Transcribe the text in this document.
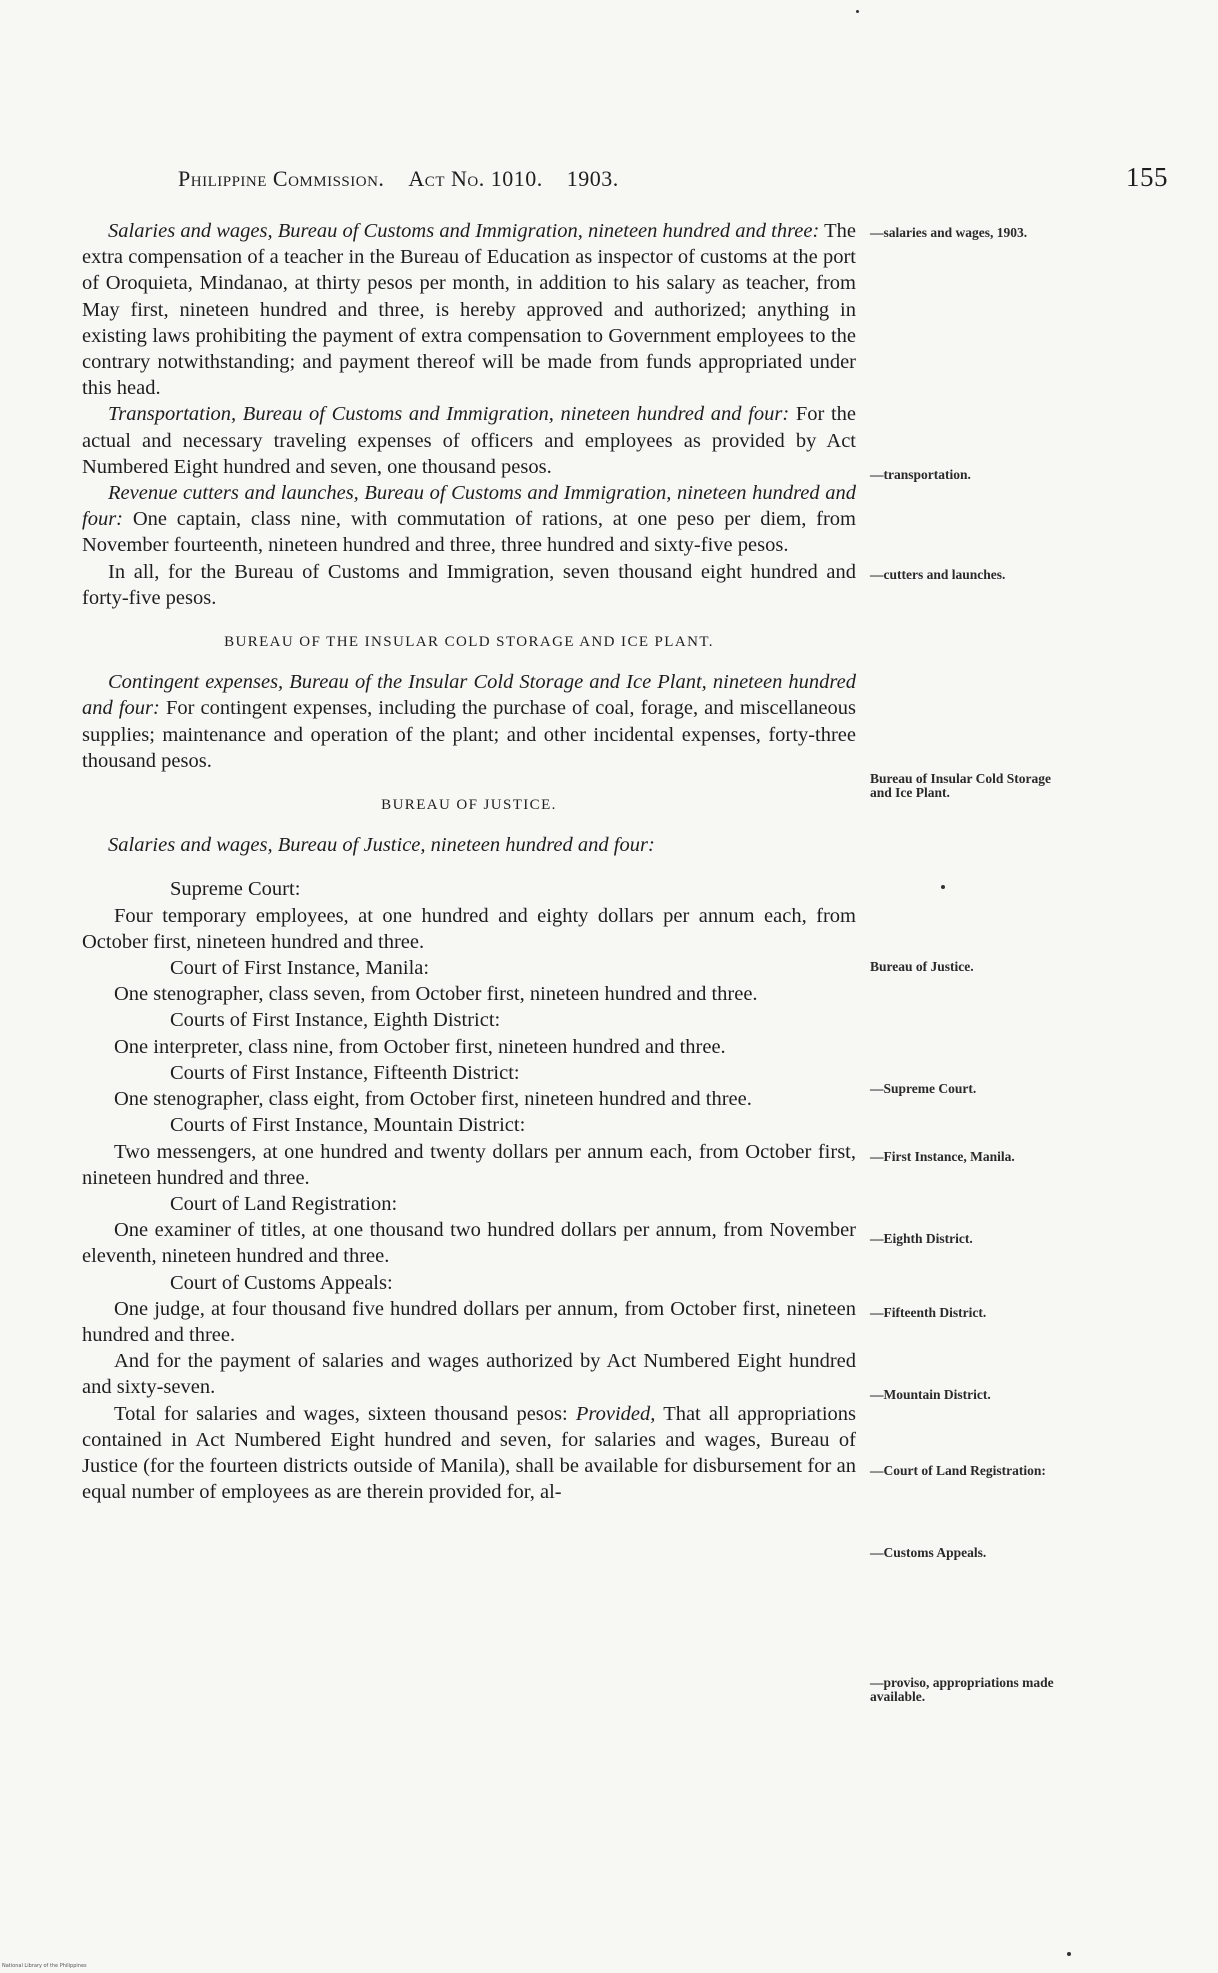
Philippine Commission. Act No. 1010. 1903.	155

Salaries and wages, Bureau of Customs and Immigration, nineteen hundred and three: The extra compensation of a teacher in the Bureau of Education as inspector of customs at the port of Oroquieta, Mindanao, at thirty pesos per month, in addition to his salary as teacher, from May first, nineteen hundred and three, is hereby approved and authorized; anything in existing laws prohibiting the payment of extra compensation to Government employees to the contrary notwithstanding; and payment thereof will be made from funds appropriated under this head.

Transportation, Bureau of Customs and Immigration, nineteen hundred and four: For the actual and necessary traveling expenses of officers and employees as provided by Act Numbered Eight hundred and seven, one thousand pesos.

Revenue cutters and launches, Bureau of Customs and Immigration, nineteen hundred and four: One captain, class nine, with commutation of rations, at one peso per diem, from November fourteenth, nineteen hundred and three, three hundred and sixty-five pesos.

In all, for the Bureau of Customs and Immigration, seven thousand eight hundred and forty-five pesos.

BUREAU OF THE INSULAR COLD STORAGE AND ICE PLANT.

Contingent expenses, Bureau of the Insular Cold Storage and Ice Plant, nineteen hundred and four: For contingent expenses, including the purchase of coal, forage, and miscellaneous supplies; maintenance and operation of the plant; and other incidental expenses, forty-three thousand pesos.

BUREAU OF JUSTICE.

Salaries and wages, Bureau of Justice, nineteen hundred and four:

Supreme Court:

Four temporary employees, at one hundred and eighty dollars per annum each, from October first, nineteen hundred and three.

Court of First Instance, Manila:

One stenographer, class seven, from October first, nineteen hundred and three.

Courts of First Instance, Eighth District:

One interpreter, class nine, from October first, nineteen hundred and three.

Courts of First Instance, Fifteenth District:

One stenographer, class eight, from October first, nineteen hundred and three.

Courts of First Instance, Mountain District:

Two messengers, at one hundred and twenty dollars per annum each, from October first, nineteen hundred and three.

Court of Land Registration:

One examiner of titles, at one thousand two hundred dollars per annum, from November eleventh, nineteen hundred and three.

Court of Customs Appeals:

One judge, at four thousand five hundred dollars per annum, from October first, nineteen hundred and three.

And for the payment of salaries and wages authorized by Act Numbered Eight hundred and sixty-seven.

Total for salaries and wages, sixteen thousand pesos: Provided, That all appropriations contained in Act Numbered Eight hundred and seven, for salaries and wages, Bureau of Justice (for the fourteen districts outside of Manila), shall be available for disbursement for an equal number of employees as are therein provided for, al-

—salaries and wages, 1903.
—transportation.
—cutters and launches.
Bureau of Insular Cold Storage and Ice Plant.
Bureau of Justice.
—Supreme Court.
—First Instance, Manila.
—Eighth District.
—Fifteenth District.
—Mountain District.
—Court of Land Registration:
—Customs Appeals.
—proviso, appropriations made available.
National Library of the Philippines
